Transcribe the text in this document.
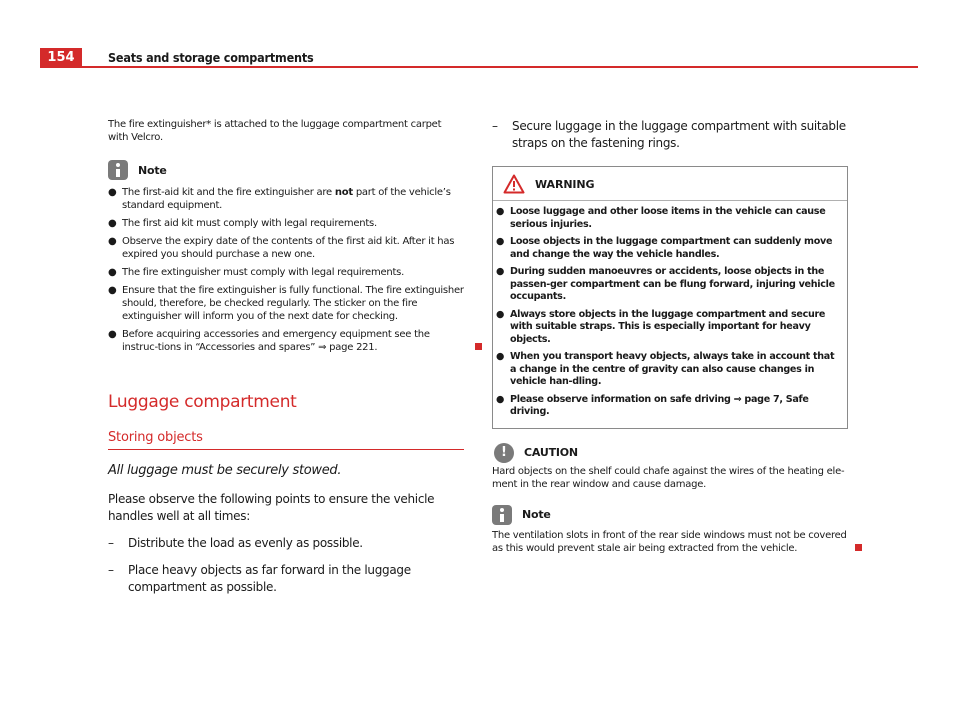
154	Seats and storage compartments

The fire extinguisher* is attached to the luggage compartment carpet with Velcro.

Note
● The first-aid kit and the fire extinguisher are not part of the vehicle’s standard equipment.
● The first aid kit must comply with legal requirements.
● Observe the expiry date of the contents of the first aid kit. After it has expired you should purchase a new one.
● The fire extinguisher must comply with legal requirements.
● Ensure that the fire extinguisher is fully functional. The fire extinguisher should, therefore, be checked regularly. The sticker on the fire extinguisher will inform you of the next date for checking.
● Before acquiring accessories and emergency equipment see the instruc-tions in “Accessories and spares” ⇒ page 221.
Luggage compartment
Storing objects
All luggage must be securely stowed.
Please observe the following points to ensure the vehicle handles well at all times:
–	Distribute the load as evenly as possible.
–	Place heavy objects as far forward in the luggage compartment as possible.
–	Secure luggage in the luggage compartment with suitable straps on the fastening rings.
WARNING
● Loose luggage and other loose items in the vehicle can cause serious injuries.
● Loose objects in the luggage compartment can suddenly move and change the way the vehicle handles.
● During sudden manoeuvres or accidents, loose objects in the passen-ger compartment can be flung forward, injuring vehicle occupants.
● Always store objects in the luggage compartment and secure with suitable straps. This is especially important for heavy objects.
● When you transport heavy objects, always take in account that a change in the centre of gravity can also cause changes in vehicle han-dling.
● Please observe information on safe driving ⇒ page 7, Safe driving.
!	CAUTION

Hard objects on the shelf could chafe against the wires of the heating ele-ment in the rear window and cause damage.

Note

The ventilation slots in front of the rear side windows must not be covered as this would prevent stale air being extracted from the vehicle.
